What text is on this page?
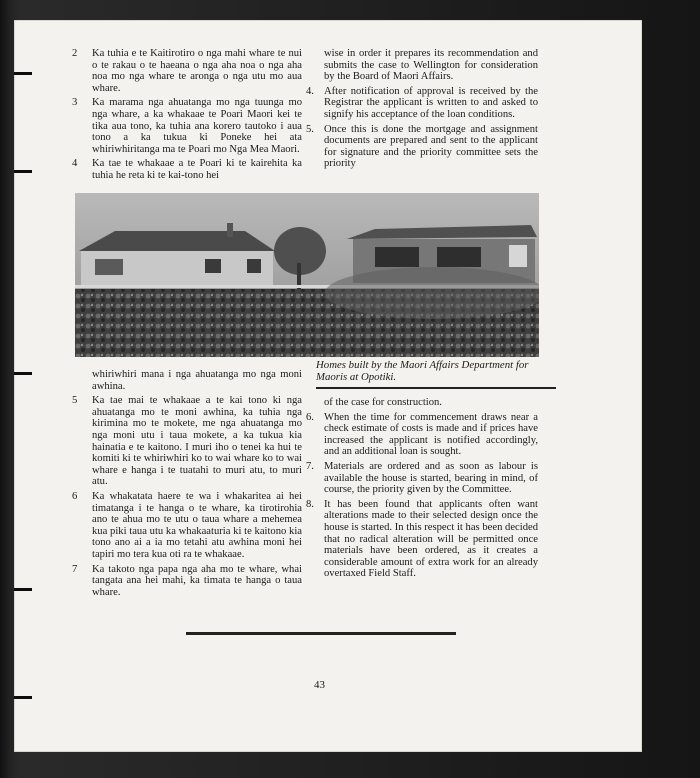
2	Ka tuhia e te Kaitirotiro o nga mahi whare te nui o te rakau o te haeana o nga aha noa o nga aha noa mo nga whare te aronga o nga utu mo aua whare.
3	Ka marama nga ahuatanga mo nga tuunga mo nga whare, a ka whakaae te Poari Maori kei te tika aua tono, ka tuhia ana korero tautoko i aua tono a ka tukua ki Poneke hei ata whiriwhiritanga ma te Poari mo Nga Mea Maori.
4	Ka tae te whakaae a te Poari ki te kairehita ka tuhia he reta ki te kai-tono hei
wise in order it prepares its recommendation and submits the case to Wellington for consideration by the Board of Maori Affairs.
4. After notification of approval is received by the Registrar the applicant is written to and asked to signify his acceptance of the loan conditions.
5. Once this is done the mortgage and assignment documents are prepared and sent to the applicant for signature and the priority committee sets the priority
Homes built by the Maori Affairs Department for Maoris at Opotiki.
whiriwhiri mana i nga ahuatanga mo nga moni awhina.
5	Ka tae mai te whakaae a te kai tono ki nga ahuatanga mo te moni awhina, ka tuhia nga kirimina mo te mokete, me nga ahuatanga mo nga moni utu i taua mokete, a ka tukua kia hainatia e te kaitono. I muri iho o tenei ka hui te komiti ki te whiriwhiri ko to wai whare ko to wai whare e hanga i te tuatahi to muri atu, to muri atu.
6	Ka whakatata haere te wa i whakaritea ai hei timatanga i te hanga o te whare, ka tirotirohia ano te ahua mo te utu o taua whare a mehemea kua piki taua utu ka whakaaturia ki te kaitono kia tono ano ai a ia mo tetahi atu awhina moni hei tapiri mo tera kua oti ra te whakaae.
7	Ka takoto nga papa nga aha mo te whare, whai tangata ana hei mahi, ka timata te hanga o taua whare.
of the case for construction.
6. When the time for commencement draws near a check estimate of costs is made and if prices have increased the applicant is notified accordingly, and an additional loan is sought.
7. Materials are ordered and as soon as labour is available the house is started, bearing in mind, of course, the priority given by the Committee.
8. It has been found that applicants often want alterations made to their selected design once the house is started. In this respect it has been decided that no radical alteration will be permitted once materials have been ordered, as it creates a considerable amount of extra work for an already overtaxed Field Staff.
43
